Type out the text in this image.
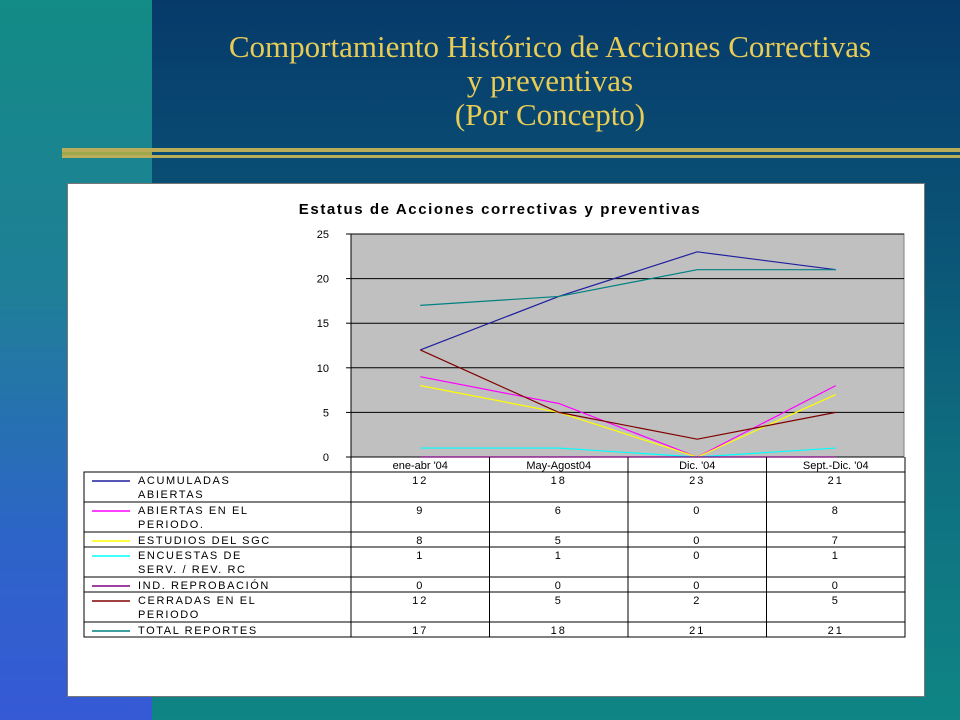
Comportamiento Histórico de Acciones Correctivas
y preventivas
(Por Concepto)
Estatus de Acciones correctivas y preventivas
0
5
10
15
20
25
ene-abr '04	May-Agost04	Dic. '04	Sept.-Dic. '04
ACUMULADAS
ABIERTAS
12	18	23	21
ABIERTAS EN EL
PERIODO.
9	6	0	8
ESTUDIOS DEL SGC	8	5	0	7
ENCUESTAS DE
SERV. / REV. RC
1	1	0	1
IND. REPROBACIÓN	0	0	0	0
CERRADAS EN EL
PERIODO
12	5	2	5
TOTAL REPORTES	17	18	21	21
